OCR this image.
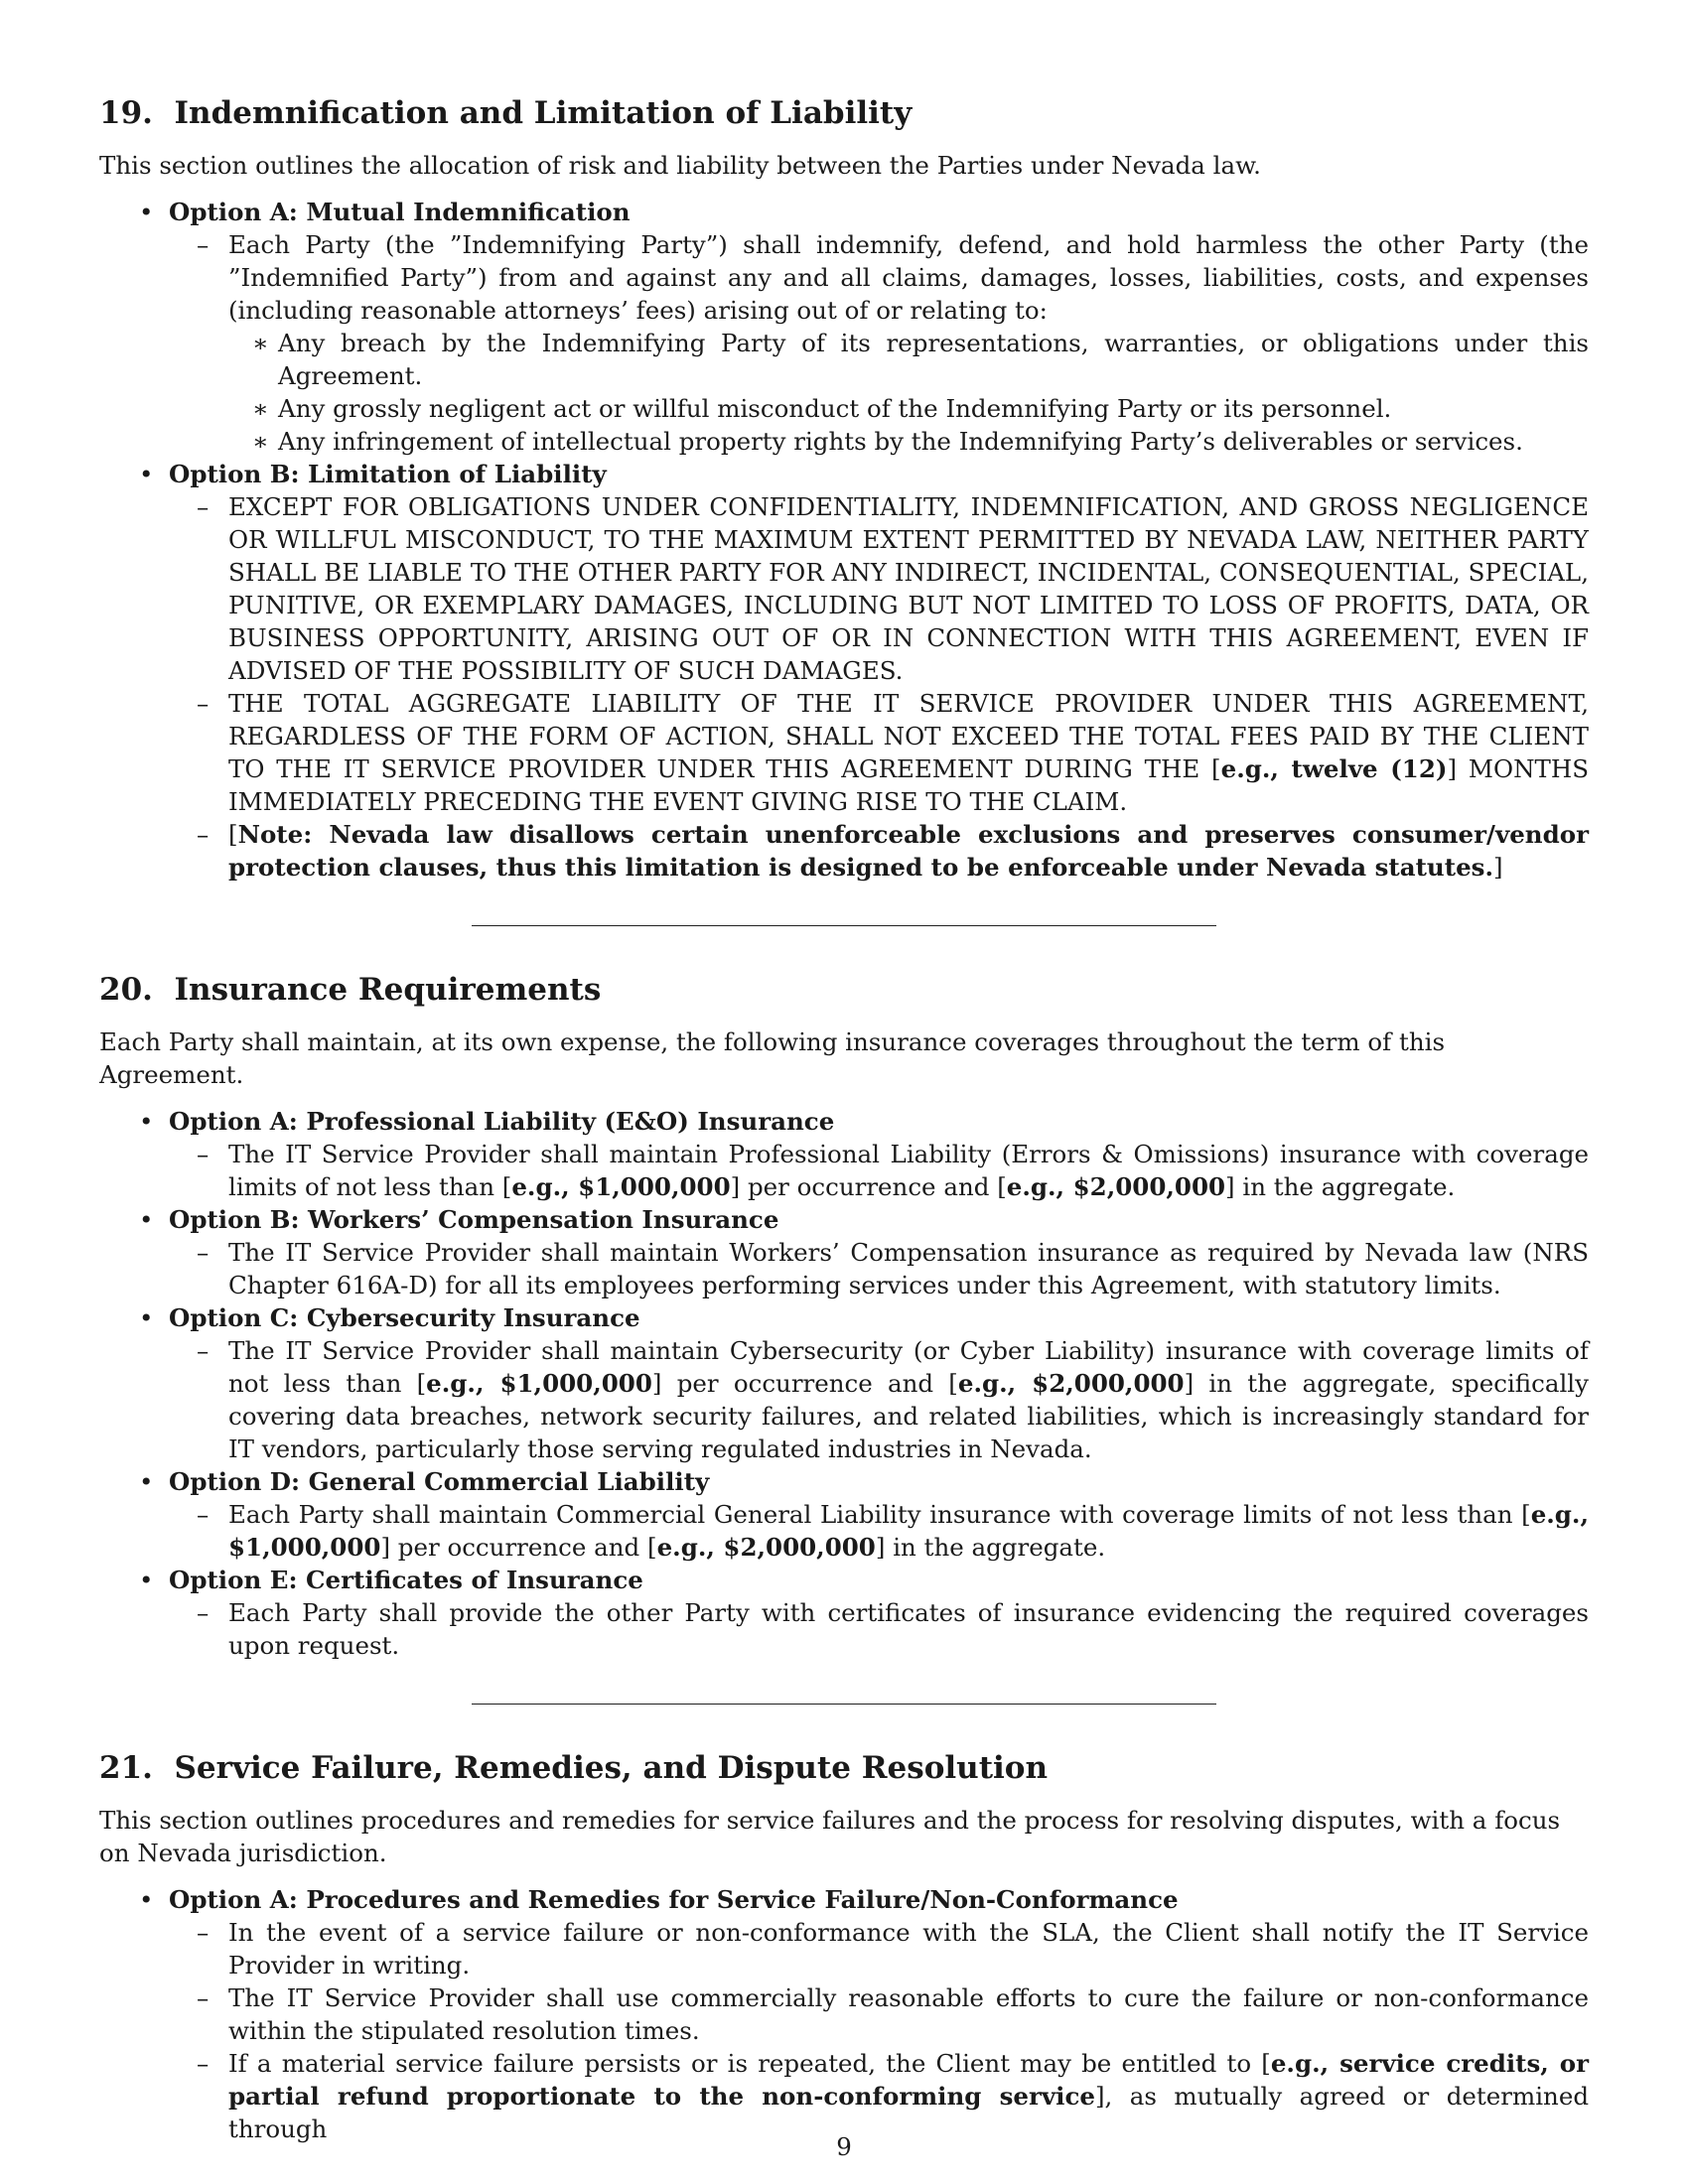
19. Indemnification and Limitation of Liability

This section outlines the allocation of risk and liability between the Parties under Nevada law.

• Option A: Mutual Indemnification
– Each Party (the ”Indemnifying Party”) shall indemnify, defend, and hold harmless the other Party (the ”Indemnified Party”) from and against any and all claims, damages, losses, liabilities, costs, and expenses (including reasonable attorneys’ fees) arising out of or relating to:
∗ Any breach by the Indemnifying Party of its representations, warranties, or obligations under this Agreement.
∗ Any grossly negligent act or willful misconduct of the Indemnifying Party or its personnel.
∗ Any infringement of intellectual property rights by the Indemnifying Party’s deliverables or services.
• Option B: Limitation of Liability
– EXCEPT FOR OBLIGATIONS UNDER CONFIDENTIALITY, INDEMNIFICATION, AND GROSS NEGLIGENCE OR WILLFUL MISCONDUCT, TO THE MAXIMUM EXTENT PERMITTED BY NEVADA LAW, NEITHER PARTY SHALL BE LIABLE TO THE OTHER PARTY FOR ANY INDIRECT, INCIDENTAL, CONSEQUENTIAL, SPECIAL, PUNITIVE, OR EXEMPLARY DAMAGES, INCLUDING BUT NOT LIMITED TO LOSS OF PROFITS, DATA, OR BUSINESS OPPORTUNITY, ARISING OUT OF OR IN CONNECTION WITH THIS AGREEMENT, EVEN IF ADVISED OF THE POSSIBILITY OF SUCH DAMAGES.
– THE TOTAL AGGREGATE LIABILITY OF THE IT SERVICE PROVIDER UNDER THIS AGREEMENT, REGARDLESS OF THE FORM OF ACTION, SHALL NOT EXCEED THE TOTAL FEES PAID BY THE CLIENT TO THE IT SERVICE PROVIDER UNDER THIS AGREEMENT DURING THE [e.g., twelve (12)] MONTHS IMMEDIATELY PRECEDING THE EVENT GIVING RISE TO THE CLAIM.
– [Note: Nevada law disallows certain unenforceable exclusions and preserves consumer/vendor protection clauses, thus this limitation is designed to be enforceable under Nevada statutes.]
20. Insurance Requirements

Each Party shall maintain, at its own expense, the following insurance coverages throughout the term of this Agreement.

• Option A: Professional Liability (E&O) Insurance
– The IT Service Provider shall maintain Professional Liability (Errors & Omissions) insurance with coverage limits of not less than [e.g., $1,000,000] per occurrence and [e.g., $2,000,000] in the aggregate.
• Option B: Workers’ Compensation Insurance
– The IT Service Provider shall maintain Workers’ Compensation insurance as required by Nevada law (NRS Chapter 616A-D) for all its employees performing services under this Agreement, with statutory limits.
• Option C: Cybersecurity Insurance
– The IT Service Provider shall maintain Cybersecurity (or Cyber Liability) insurance with coverage limits of not less than [e.g., $1,000,000] per occurrence and [e.g., $2,000,000] in the aggregate, specifically covering data breaches, network security failures, and related liabilities, which is increasingly standard for IT vendors, particularly those serving regulated industries in Nevada.
• Option D: General Commercial Liability
– Each Party shall maintain Commercial General Liability insurance with coverage limits of not less than [e.g., $1,000,000] per occurrence and [e.g., $2,000,000] in the aggregate.
• Option E: Certificates of Insurance
– Each Party shall provide the other Party with certificates of insurance evidencing the required coverages upon request.
21. Service Failure, Remedies, and Dispute Resolution

This section outlines procedures and remedies for service failures and the process for resolving disputes, with a focus on Nevada jurisdiction.

• Option A: Procedures and Remedies for Service Failure/Non-Conformance
– In the event of a service failure or non-conformance with the SLA, the Client shall notify the IT Service Provider in writing.
– The IT Service Provider shall use commercially reasonable efforts to cure the failure or non-conformance within the stipulated resolution times.
– If a material service failure persists or is repeated, the Client may be entitled to [e.g., service credits, or partial refund proportionate to the non-conforming service], as mutually agreed or determined through
9
